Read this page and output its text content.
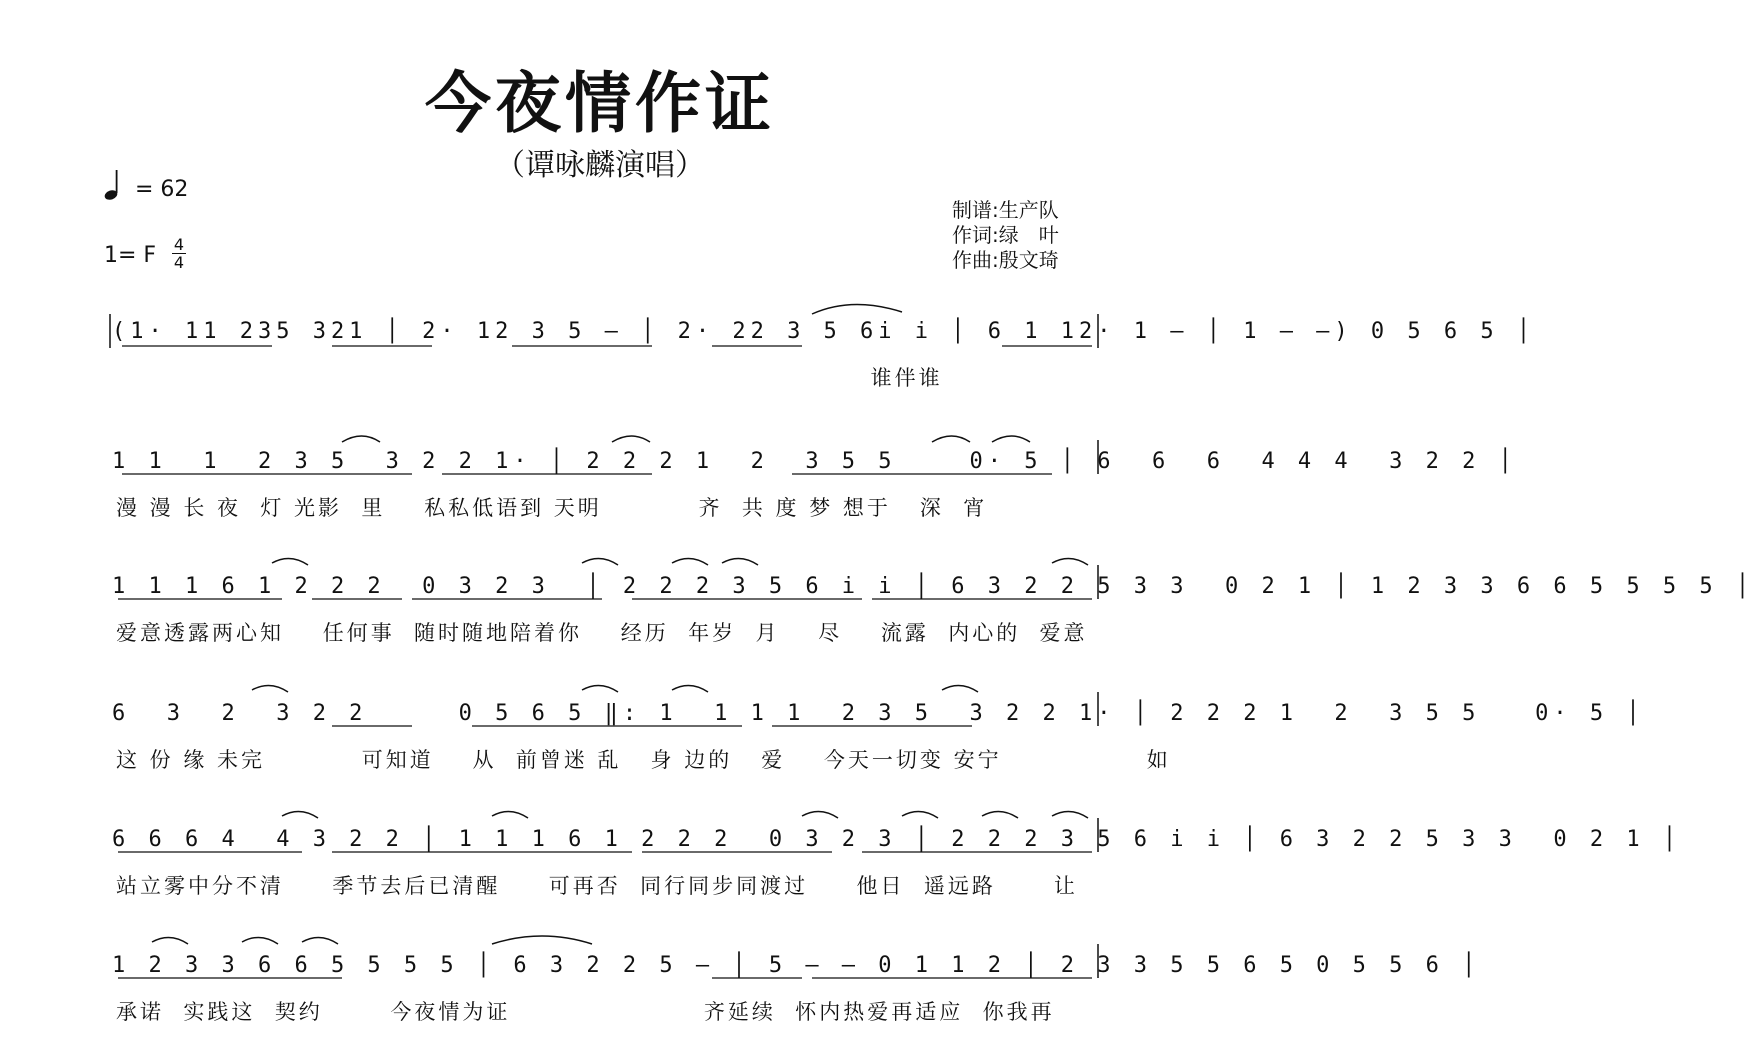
今夜情作证
（谭咏麟演唱）
= 62
1= F $\frac{4}{4}$
制谱:生产队
作词:绿　叶
作曲:殷文琦
(1· 11 235 321 │ 2· 12 3 5 — │ 2· 22 3 5 6i i │ 6 1 12· 1 — │ 1 — —) 0 5 6 5 │
谁伴谁
1 1  1  2 3 5  3 2 2 1· │ 2 2 2 1  2  3 5 5    0· 5 │ 6  6  6  4 4 4  3 2 2 │
漫 漫 长 夜  灯 光影  里    私私低语到 天明          齐  共 度 梦 想于   深  宵
1 1 1 6 1 2 2 2  0 3 2 3  │ 2 2 2 3 5 6 i i │ 6 3 2 2 5 3 3  0 2 1 │ 1 2 3 3 6 6 5 5 5 5 │
爱意透露两心知    任何事  随时随地陪着你    经历  年岁  月    尽    流露  内心的  爱意
6  3  2  3 2 2     0 5 6 5 ‖: 1  1 1 1  2 3 5  3 2 2 1· │ 2 2 2 1  2  3 5 5   0· 5 │
这 份 缘 未完          可知道    从  前曾迷 乱   身 边的   爱    今天一切变 安宁               如
6 6 6 4  4 3 2 2 │ 1 1 1 6 1 2 2 2  0 3 2 3 │ 2 2 2 3 5 6 i i │ 6 3 2 2 5 3 3  0 2 1 │
站立雾中分不清     季节去后已清醒     可再否  同行同步同渡过     他日  遥远路      让
1 2 3 3 6 6 5 5 5 5 │ 6 3 2 2 5 — │ 5 — — 0 1 1 2 │ 2 3 3 5 5 6 5 0 5 5 6 │
承诺  实践这  契约       今夜情为证                    齐延续  怀内热爱再适应  你我再
